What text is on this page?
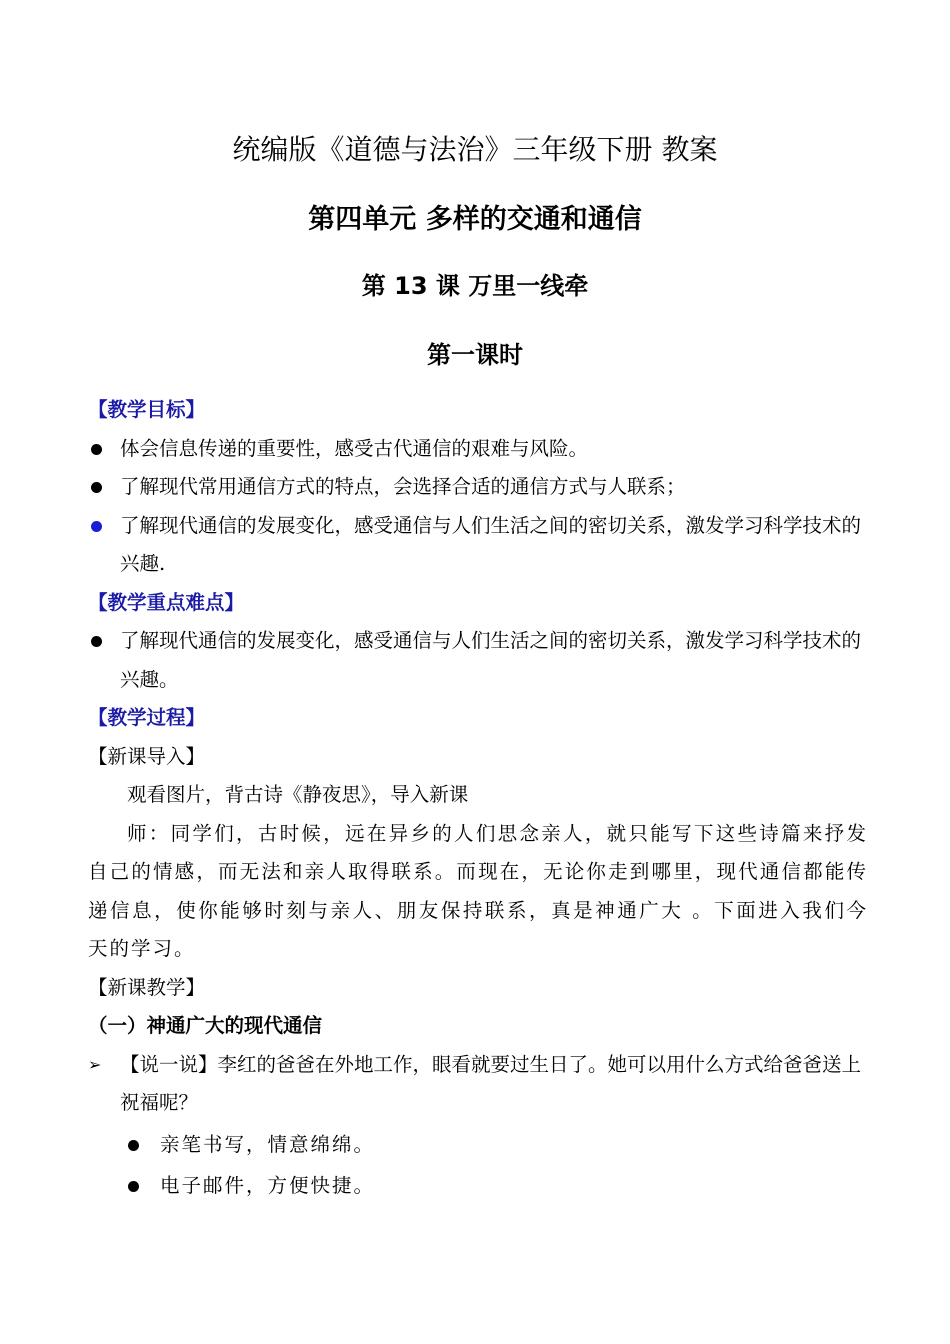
统编版《道德与法治》三年级下册 教案
第四单元 多样的交通和通信
第 13 课 万里一线牵
第一课时
【教学目标】
体会信息传递的重要性，感受古代通信的艰难与风险。
了解现代常用通信方式的特点，会选择合适的通信方式与人联系；
了解现代通信的发展变化，感受通信与人们生活之间的密切关系，激发学习科学技术的兴趣.
【教学重点难点】
了解现代通信的发展变化，感受通信与人们生活之间的密切关系，激发学习科学技术的兴趣。
【教学过程】
【新课导入】
观看图片，背古诗《静夜思》，导入新课
师：同学们，古时候，远在异乡的人们思念亲人，就只能写下这些诗篇来抒发自己的情感，而无法和亲人取得联系。而现在，无论你走到哪里，现代通信都能传递信息，使你能够时刻与亲人、朋友保持联系，真是神通广大 。下面进入我们今天的学习。
【新课教学】
（一）神通广大的现代通信
➢ 【说一说】李红的爸爸在外地工作，眼看就要过生日了。她可以用什么方式给爸爸送上祝福呢？
亲笔书写，情意绵绵。
电子邮件，方便快捷。
